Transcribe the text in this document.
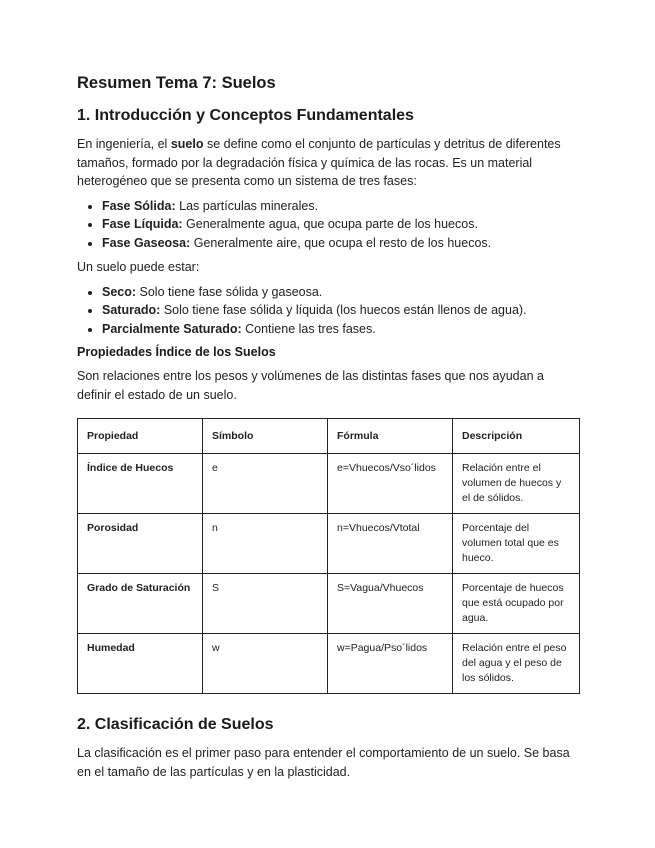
Resumen Tema 7: Suelos
1. Introducción y Conceptos Fundamentales

En ingeniería, el suelo se define como el conjunto de partículas y detritus de diferentes tamaños, formado por la degradación física y química de las rocas. Es un material heterogéneo que se presenta como un sistema de tres fases:

• Fase Sólida: Las partículas minerales.
• Fase Líquida: Generalmente agua, que ocupa parte de los huecos.
• Fase Gaseosa: Generalmente aire, que ocupa el resto de los huecos.

Un suelo puede estar:

• Seco: Solo tiene fase sólida y gaseosa.
• Saturado: Solo tiene fase sólida y líquida (los huecos están llenos de agua).
• Parcialmente Saturado: Contiene las tres fases.
Propiedades Índice de los Suelos

Son relaciones entre los pesos y volúmenes de las distintas fases que nos ayudan a definir el estado de un suelo.

Propiedad	Símbolo	Fórmula	Descripción
Índice de Huecos	e	e=Vhuecos/Vso´lidos	Relación entre el volumen de huecos y el de sólidos.
Porosidad	n	n=Vhuecos/Vtotal	Porcentaje del volumen total que es hueco.
Grado de Saturación	S	S=Vagua/Vhuecos	Porcentaje de huecos que está ocupado por agua.
Humedad	w	w=Pagua/Pso´lidos	Relación entre el peso del agua y el peso de los sólidos.
2. Clasificación de Suelos

La clasificación es el primer paso para entender el comportamiento de un suelo. Se basa en el tamaño de las partículas y en la plasticidad.
